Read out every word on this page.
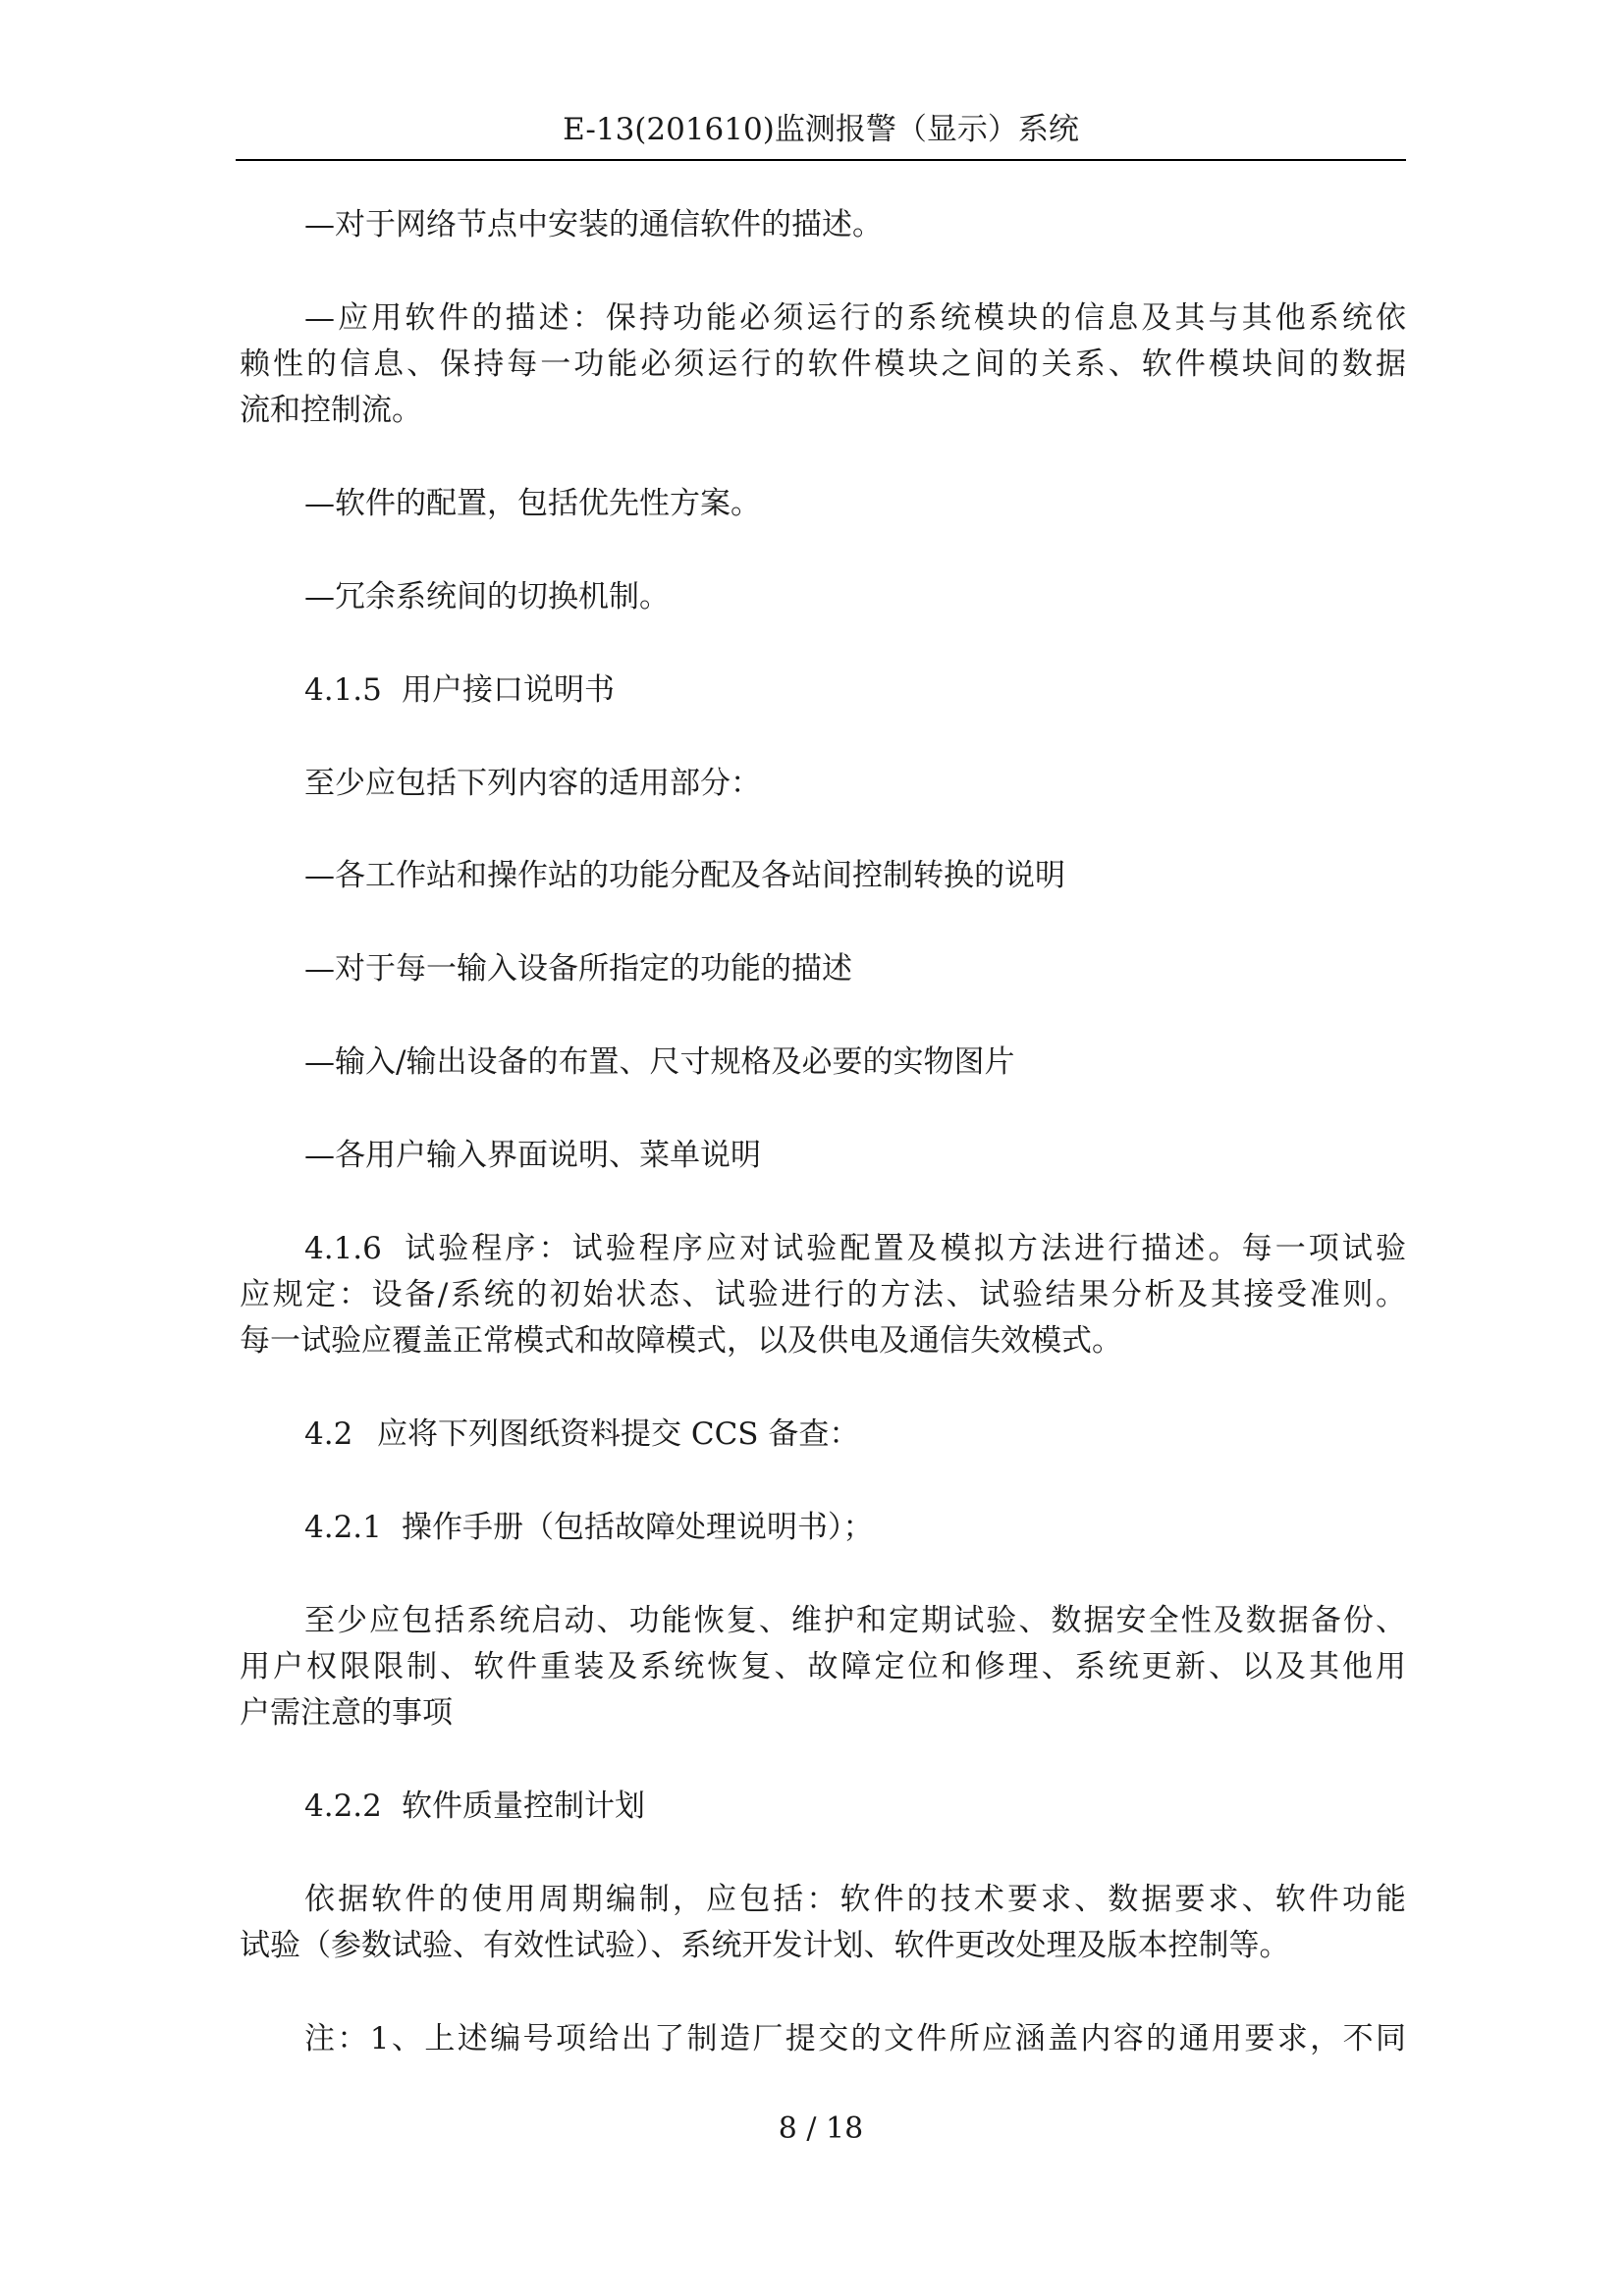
E-13(201610)监测报警（显示）系统

—对于网络节点中安装的通信软件的描述。

—应用软件的描述：保持功能必须运行的系统模块的信息及其与其他系统依
赖性的信息、保持每一功能必须运行的软件模块之间的关系、软件模块间的数据
流和控制流。

—软件的配置，包括优先性方案。

—冗余系统间的切换机制。

4.1.5 用户接口说明书

至少应包括下列内容的适用部分：

—各工作站和操作站的功能分配及各站间控制转换的说明

—对于每一输入设备所指定的功能的描述

—输入/输出设备的布置、尺寸规格及必要的实物图片

—各用户输入界面说明、菜单说明

4.1.6 试验程序：试验程序应对试验配置及模拟方法进行描述。每一项试验
应规定：设备/系统的初始状态、试验进行的方法、试验结果分析及其接受准则。
每一试验应覆盖正常模式和故障模式，以及供电及通信失效模式。

4.2 应将下列图纸资料提交 CCS 备查：

4.2.1 操作手册（包括故障处理说明书）；

至少应包括系统启动、功能恢复、维护和定期试验、数据安全性及数据备份、
用户权限限制、软件重装及系统恢复、故障定位和修理、系统更新、以及其他用
户需注意的事项

4.2.2 软件质量控制计划

依据软件的使用周期编制，应包括：软件的技术要求、数据要求、软件功能
试验（参数试验、有效性试验）、系统开发计划、软件更改处理及版本控制等。

注：1、上述编号项给出了制造厂提交的文件所应涵盖内容的通用要求，不同

8 / 18
